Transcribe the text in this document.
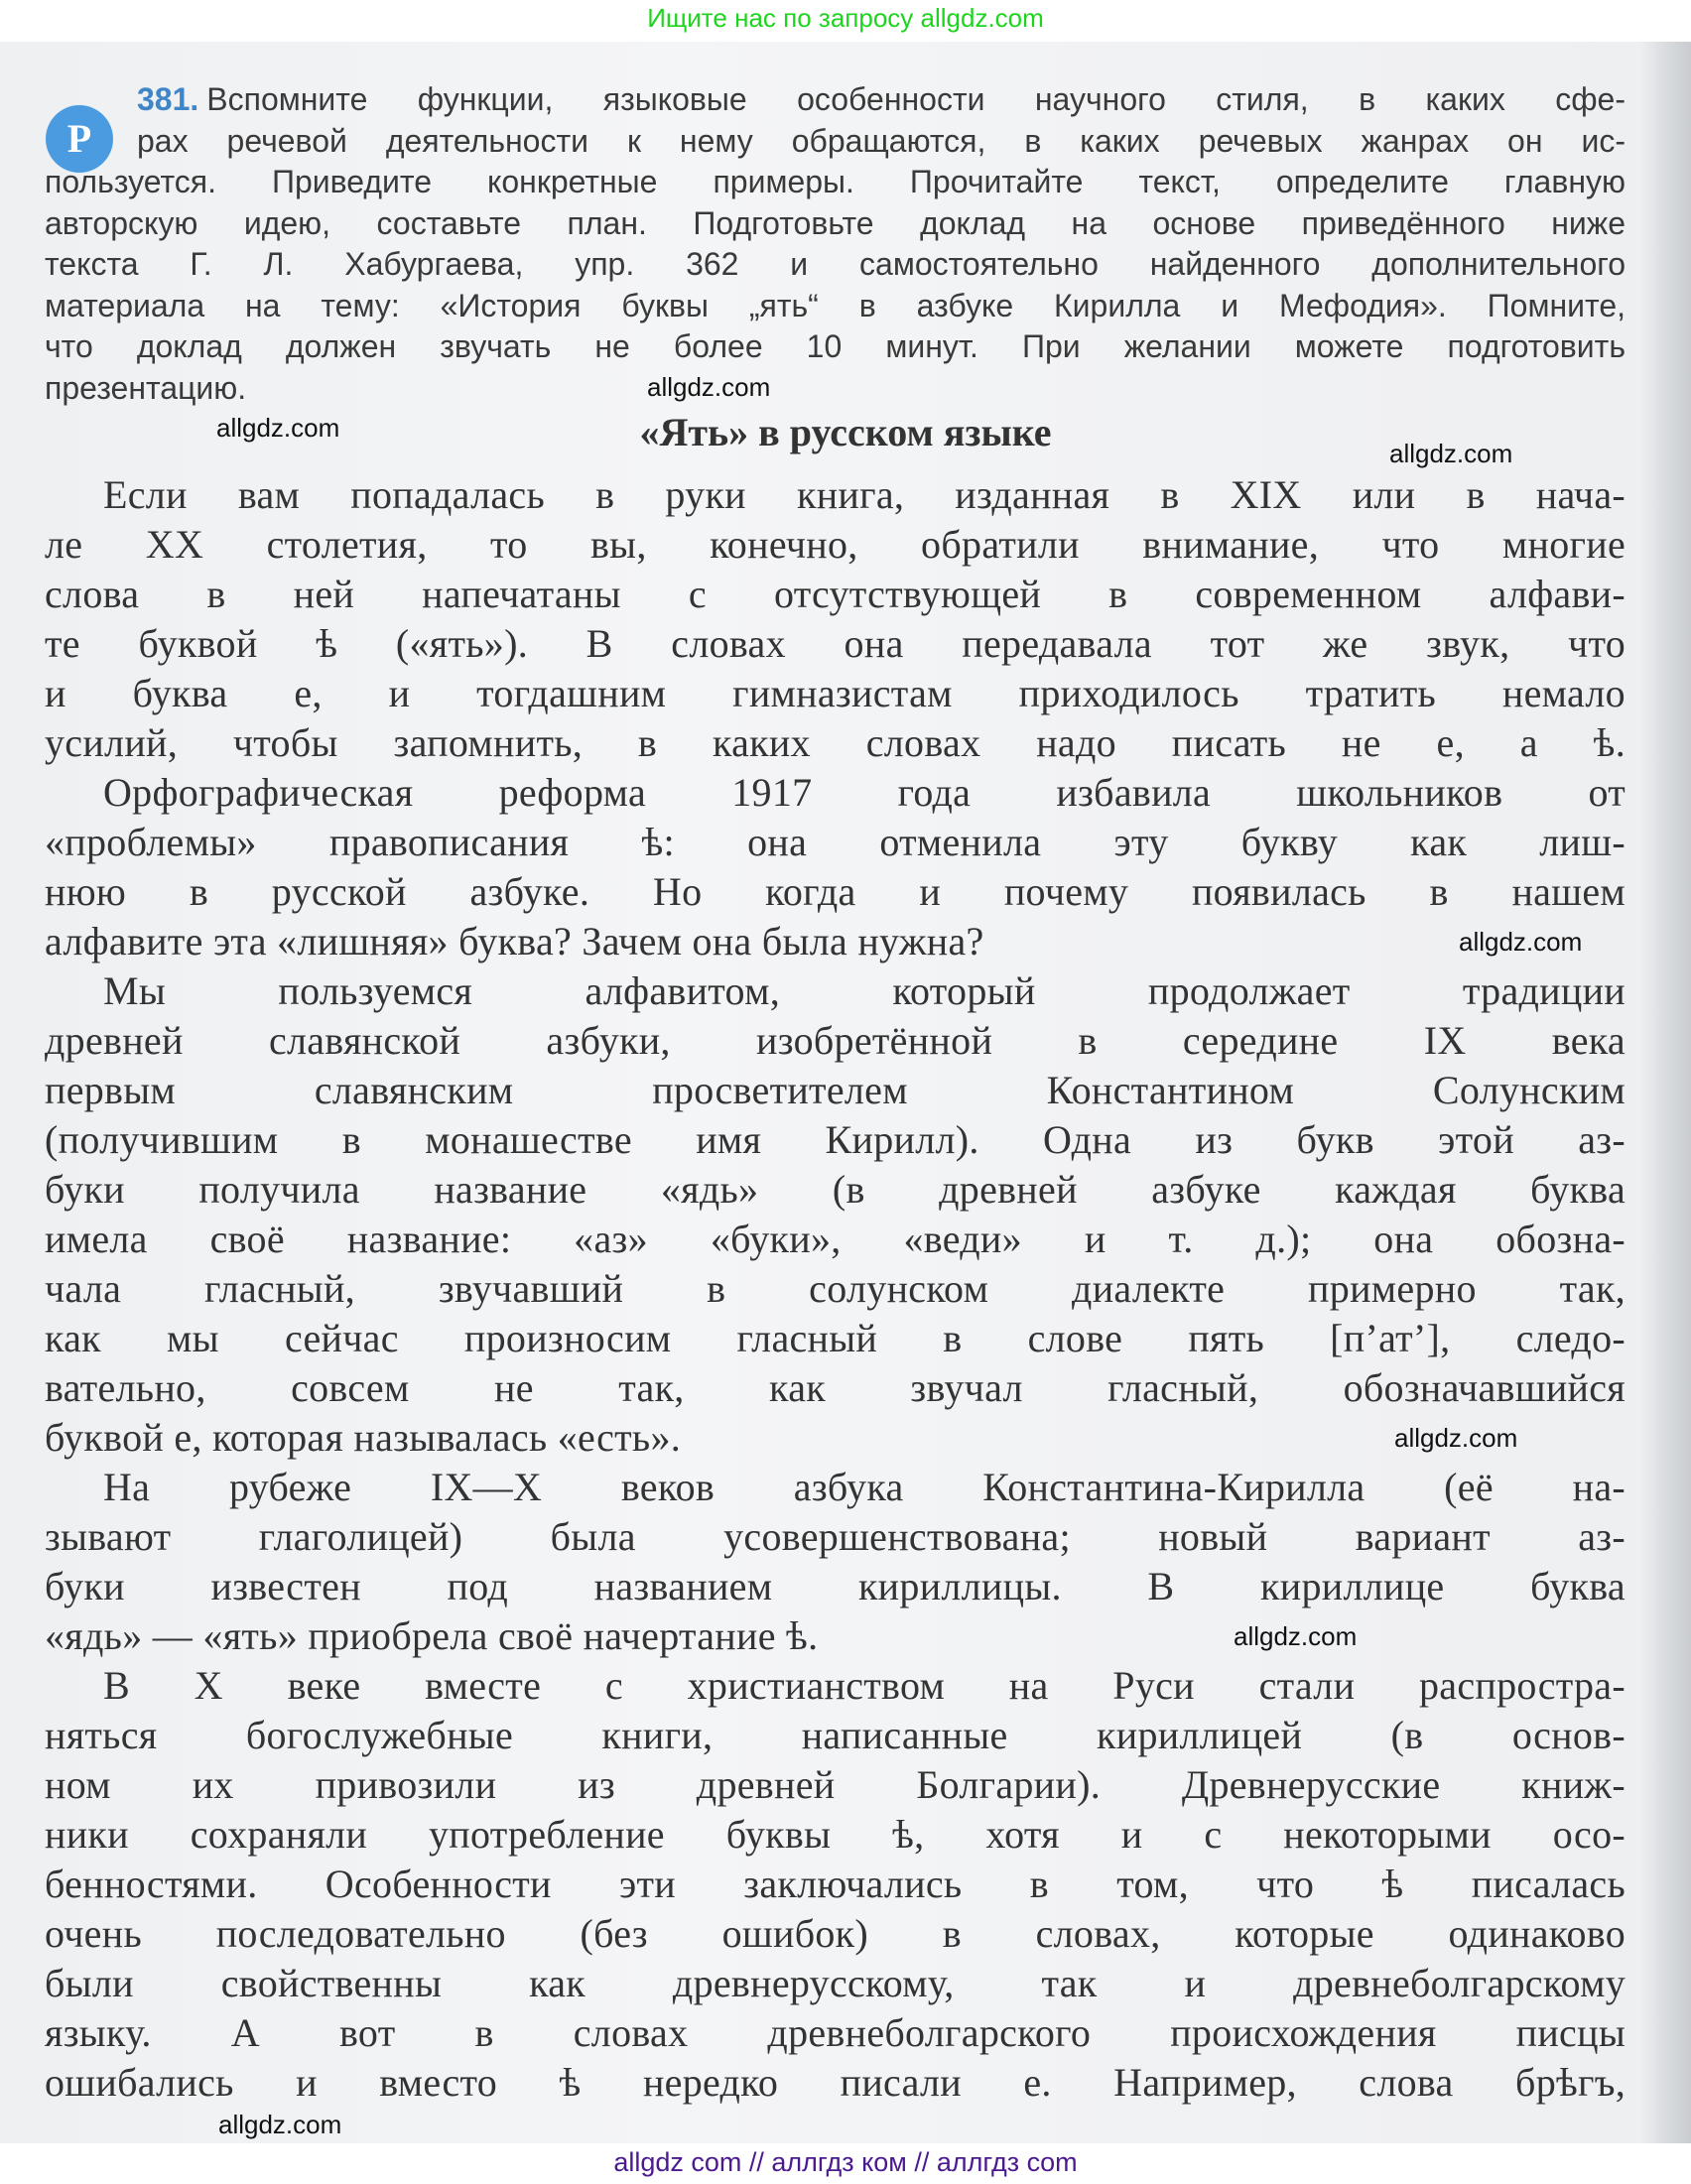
Ищите нас по запросу allgdz.com
Р
381. Вспомните функции, языковые особенности научного стиля, в каких сфе-
рах речевой деятельности к нему обращаются, в каких речевых жанрах он ис-
пользуется. Приведите конкретные примеры. Прочитайте текст, определите главную
авторскую идею, составьте план. Подготовьте доклад на основе приведённого ниже
текста Г. Л. Хабургаева, упр. 362 и самостоятельно найденного дополнительного
материала на тему: «История буквы „ять“ в азбуке Кирилла и Мефодия». Помните,
что доклад должен звучать не более 10 минут. При желании можете подготовить
презентацию.
«Ять» в русском языке
Если вам попадалась в руки книга, изданная в XIX или в нача-
ле XX столетия, то вы, конечно, обратили внимание, что многие
слова в ней напечатаны с отсутствующей в современном алфави-
те буквой ѣ («ять»). В словах она передавала тот же звук, что
и буква е, и тогдашним гимназистам приходилось тратить немало
усилий, чтобы запомнить, в каких словах надо писать не е, а ѣ.
Орфографическая реформа 1917 года избавила школьников от
«проблемы» правописания ѣ: она отменила эту букву как лиш-
нюю в русской азбуке. Но когда и почему появилась в нашем
алфавите эта «лишняя» буква? Зачем она была нужна?
Мы пользуемся алфавитом, который продолжает традиции
древней славянской азбуки, изобретённой в середине IX века
первым славянским просветителем Константином Солунским
(получившим в монашестве имя Кирилл). Одна из букв этой аз-
буки получила название «ядь» (в древней азбуке каждая буква
имела своё название: «аз» «буки», «веди» и т. д.); она обозна-
чала гласный, звучавший в солунском диалекте примерно так,
как мы сейчас произносим гласный в слове пять [п’ат’], следо-
вательно, совсем не так, как звучал гласный, обозначавшийся
буквой е, которая называлась «есть».
На рубеже IX—X веков азбука Константина-Кирилла (её на-
зывают глаголицей) была усовершенствована; новый вариант аз-
буки известен под названием кириллицы. В кириллице буква
«ядь» — «ять» приобрела своё начертание ѣ.
В X веке вместе с христианством на Руси стали распростра-
няться богослужебные книги, написанные кириллицей (в основ-
ном их привозили из древней Болгарии). Древнерусские книж-
ники сохраняли употребление буквы ѣ, хотя и с некоторыми осо-
бенностями. Особенности эти заключались в том, что ѣ писалась
очень последовательно (без ошибок) в словах, которые одинаково
были свойственны как древнерусскому, так и древнеболгарскому
языку. А вот в словах древнеболгарского происхождения писцы
ошибались и вместо ѣ нередко писали е. Например, слова брѣгъ,
allgdz.com
allgdz.com
allgdz.com
allgdz.com
allgdz.com
allgdz.com
allgdz.com
allgdz com // аллгдз ком // аллгдз com
